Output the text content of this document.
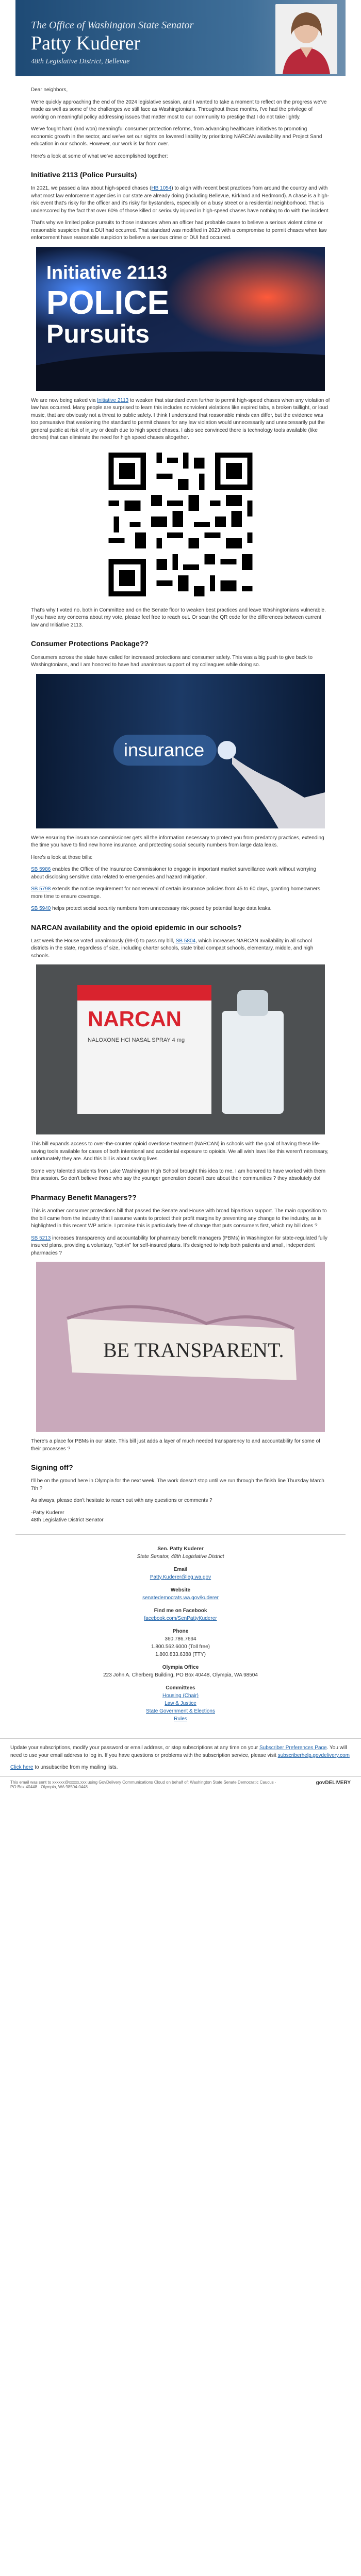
The Office of Washington State Senator
Patty Kuderer
48th Legislative District, Bellevue

Dear neighbors,

We're quickly approaching the end of the 2024 legislative session, and I wanted to take a moment to reflect on the progress we've made as well as some of the challenges we still face as Washingtonians. Throughout these months, I've had the privilege of working on meaningful policy addressing issues that matter most to our community to prestige that I do not take lightly.

We've fought hard (and won) meaningful consumer protection reforms, from advancing healthcare initiatives to promoting economic growth in the sector, and we've set our sights on lowered liability by prioritizing NARCAN availability and Project Sand education in our schools. However, our work is far from over.

Here's a look at some of what we've accomplished together:

Initiative 2113 (Police Pursuits)

In 2021, we passed a law about high-speed chases (HB 1054) to align with recent best practices from around the country and with what most law enforcement agencies in our state are already doing (including Bellevue, Kirkland and Redmond). A chase is a high-risk event that's risky for the officer and it's risky for bystanders, especially on a busy street or a residential neighborhood. That is underscored by the fact that over 60% of those killed or seriously injured in high-speed chases have nothing to do with the incident.

That's why we limited police pursuits to those instances when an officer had probable cause to believe a serious violent crime or reasonable suspicion that a DUI had occurred. That standard was modified in 2023 with a compromise to permit chases when law enforcement have reasonable suspicion to believe a serious crime or DUI had occurred.

Initiative 2113
POLICE
Pursuits

We are now being asked via Initiative 2113 to weaken that standard even further to permit high-speed chases when any violation of law has occurred. Many people are surprised to learn this includes nonviolent violations like expired tabs, a broken taillight, or loud music, that are obviously not a threat to public safety. I think I understand that reasonable minds can differ, but the evidence was too persuasive that weakening the standard to permit chases for any law violation would unnecessarily and unnecessarily put the general public at risk of injury or death due to high speed chases. I also see convinced there is technology tools available (like drones) that can eliminate the need for high speed chases altogether.

That's why I voted no, both in Committee and on the Senate floor to weaken best practices and leave Washingtonians vulnerable. If you have any concerns about my vote, please feel free to reach out. Or scan the QR code for the differences between current law and Initiative 2113.

Consumer Protections Package??

Consumers across the state have called for increased protections and consumer safety. This was a big push to give back to Washingtonians, and I am honored to have had unanimous support of my colleagues while doing so.

insurance

We're ensuring the insurance commissioner gets all the information necessary to protect you from predatory practices, extending the time you have to find new home insurance, and protecting social security numbers from large data leaks.

Here's a look at those bills:

SB 5986 enables the Office of the Insurance Commissioner to engage in important market surveillance work without worrying about disclosing sensitive data related to emergencies and hazard mitigation.

SB 5798 extends the notice requirement for nonrenewal of certain insurance policies from 45 to 60 days, granting homeowners more time to ensure coverage.

SB 5940 helps protect social security numbers from unnecessary risk posed by potential large data leaks.

NARCAN availability and the opioid epidemic in our schools?

Last week the House voted unanimously (99-0) to pass my bill, SB 5804, which increases NARCAN availability in all school districts in the state, regardless of size, including charter schools, state tribal compact schools, elementary, middle, and high schools.

NARCAN
NALOXONE HCl NASAL SPRAY 4 mg

This bill expands access to over-the-counter opioid overdose treatment (NARCAN) in schools with the goal of having these life-saving tools available for cases of both intentional and accidental exposure to opioids. We all wish laws like this weren't necessary, unfortunately they are. And this bill is about saving lives.

Some very talented students from Lake Washington High School brought this idea to me. I am honored to have worked with them this session. So don't believe those who say the younger generation doesn't care about their communities ? they absolutely do!

Pharmacy Benefit Managers??

This is another consumer protections bill that passed the Senate and House with broad bipartisan support. The main opposition to the bill came from the industry that I assume wants to protect their profit margins by preventing any change to the industry, as is highlighted in this recent WP article. I promise this is particularly free of change that puts consumers first, which my bill does ?

SB 5213 increases transparency and accountability for pharmacy benefit managers (PBMs) in Washington for state-regulated fully insured plans, providing a voluntary, "opt-in" for self-insured plans. It's designed to help both patients and small, independent pharmacies ?

BE TRANSPARENT.

There's a place for PBMs in our state. This bill just adds a layer of much needed transparency to and accountability for some of their processes ?

Signing off?

I'll be on the ground here in Olympia for the next week. The work doesn't stop until we run through the finish line Thursday March 7th ?

As always, please don't hesitate to reach out with any questions or comments ?

-Patty Kuderer

48th Legislative District Senator

Sen. Patty Kuderer
State Senator, 48th Legislative District
Email
Patty.Kuderer@leg.wa.gov
Website
senatedemocrats.wa.gov/kuderer
Find me on Facebook
facebook.com/SenPattyKuderer
Phone
360.786.7694
1.800.562.6000 (Toll free)
1.800.833.6388 (TTY)
Olympia Office
223 John A. Cherberg Building, PO Box 40448, Olympia, WA 98504
Committees
Housing (Chair)
Law & Justice
State Government & Elections
Rules

Update your subscriptions, modify your password or email address, or stop subscriptions at any time on your Subscriber Preferences Page. You will need to use your email address to log in. If you have questions or problems with the subscription service, please visit subscriberhelp.govdelivery.com

Click here to unsubscribe from my mailing lists.

This email was sent to xxxxxx@xxxxx.xxx using GovDelivery Communications Cloud on behalf of: Washington State Senate Democratic Caucus · PO Box 40448 · Olympia, WA 98504-0448
govDELIVERY
